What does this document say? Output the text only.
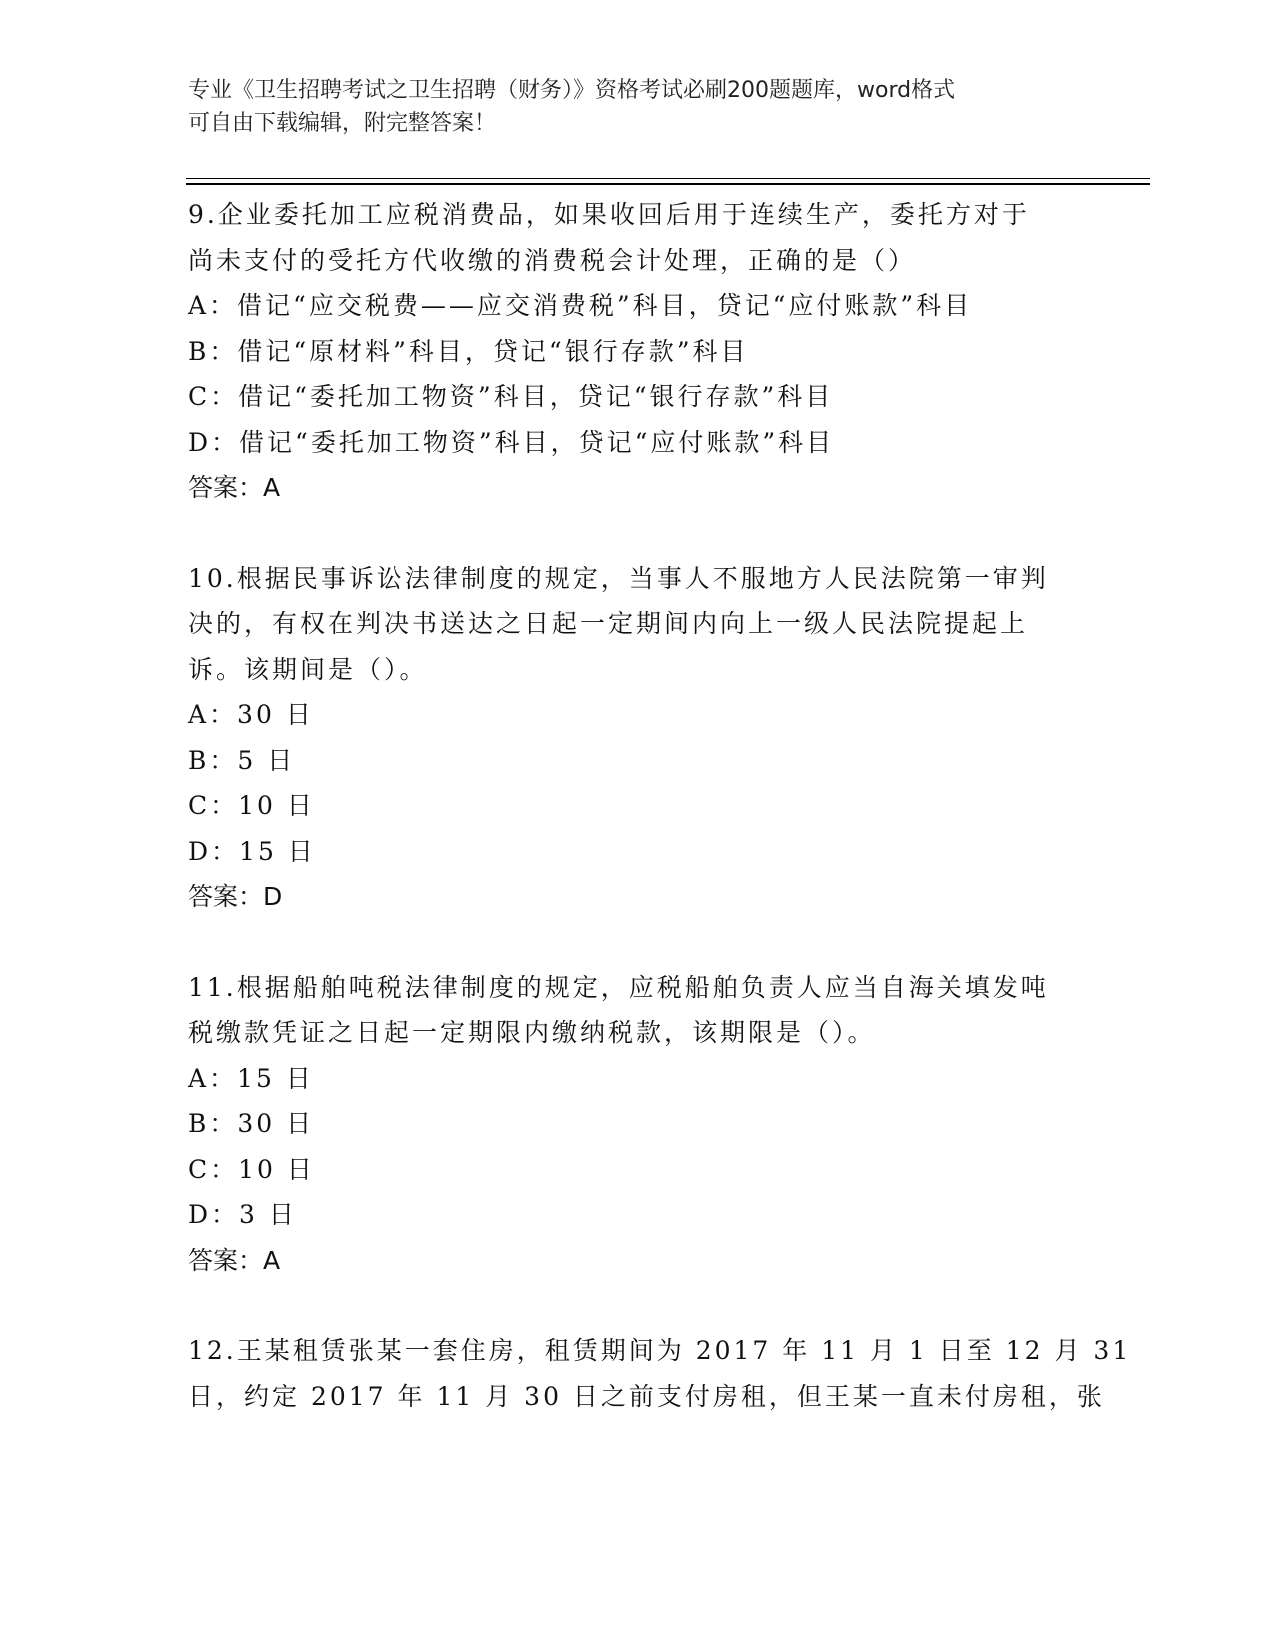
专业《卫生招聘考试之卫生招聘（财务）》资格考试必刷200题题库，word格式
可自由下载编辑，附完整答案！
9.企业委托加工应税消费品，如果收回后用于连续生产，委托方对于
尚未支付的受托方代收缴的消费税会计处理，正确的是（）
A：借记“应交税费——应交消费税”科目，贷记“应付账款”科目
B：借记“原材料”科目，贷记“银行存款”科目
C：借记“委托加工物资”科目，贷记“银行存款”科目
D：借记“委托加工物资”科目，贷记“应付账款”科目
答案：A
10.根据民事诉讼法律制度的规定，当事人不服地方人民法院第一审判
决的，有权在判决书送达之日起一定期间内向上一级人民法院提起上
诉。该期间是（）。
A：30 日
B：5 日
C：10 日
D：15 日
答案：D
11.根据船舶吨税法律制度的规定，应税船舶负责人应当自海关填发吨
税缴款凭证之日起一定期限内缴纳税款，该期限是（）。
A：15 日
B：30 日
C：10 日
D：3 日
答案：A
12.王某租赁张某一套住房，租赁期间为 2017 年 11 月 1 日至 12 月 31
日，约定 2017 年 11 月 30 日之前支付房租，但王某一直未付房租，张
